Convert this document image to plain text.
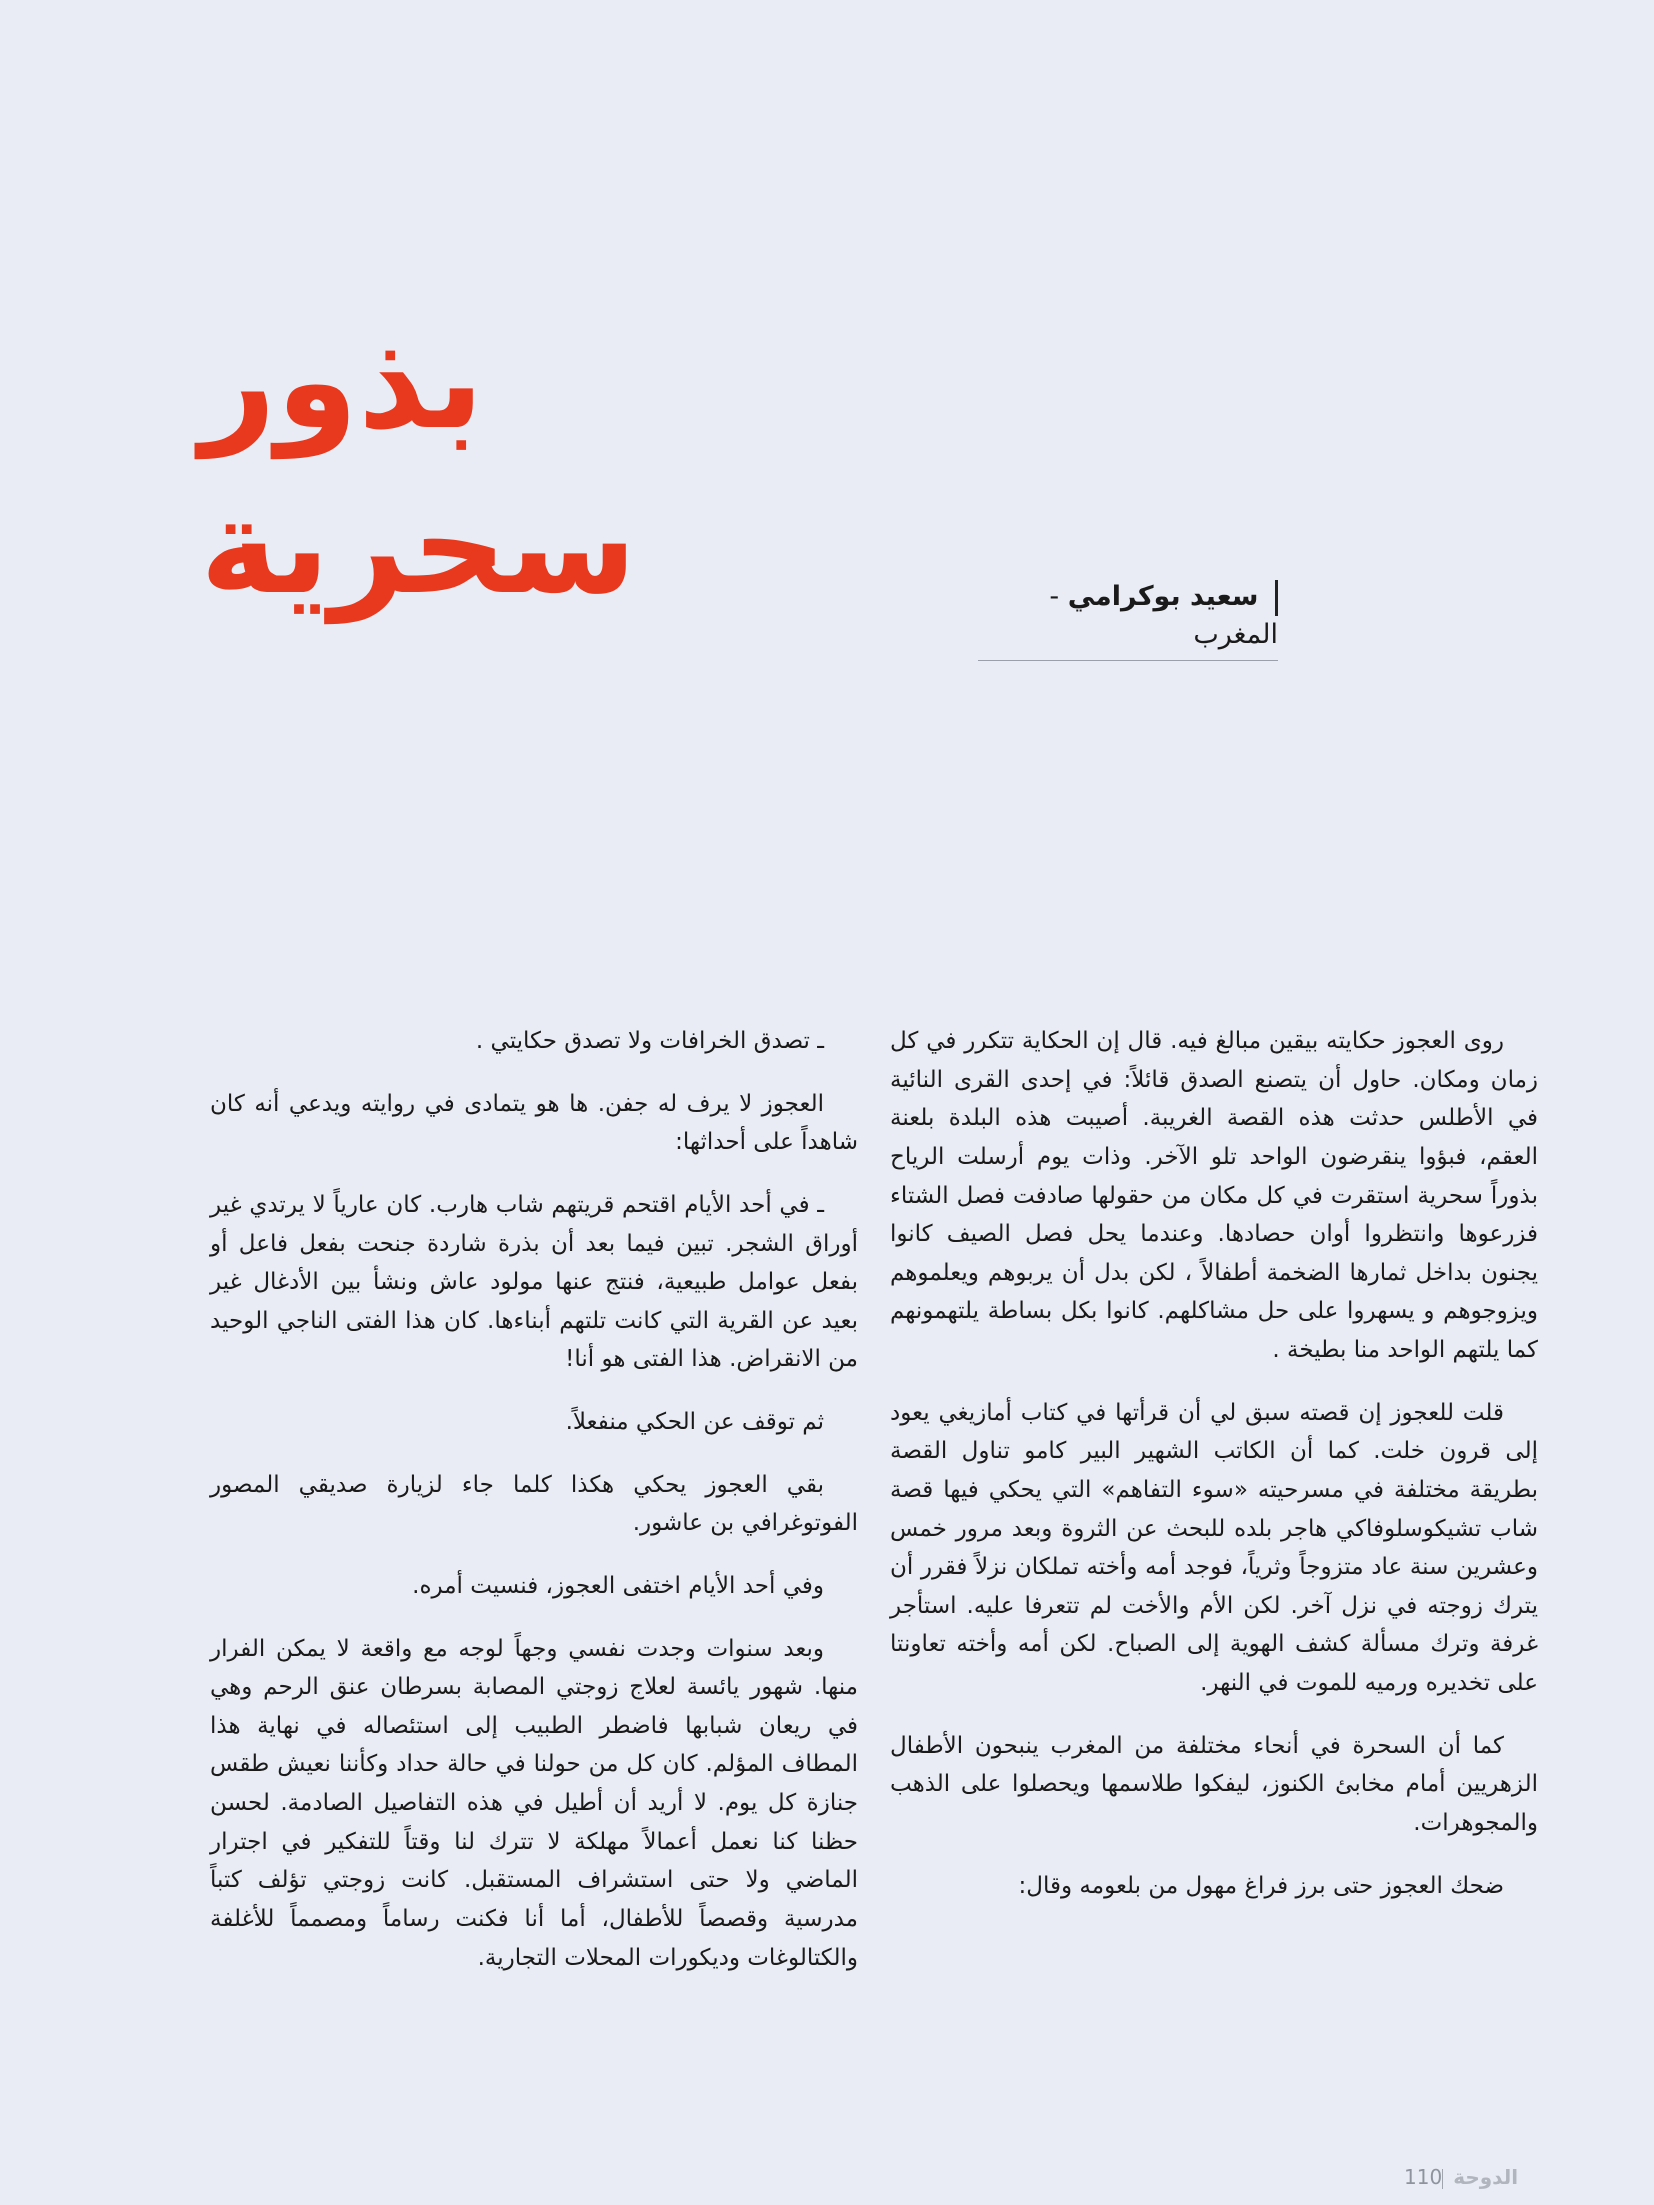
بذور سحرية	سعيد بوكرامي - المغرب

روى العجوز حكايته بيقين مبالغ فيه. قال إن الحكاية تتكرر في كل زمان ومكان. حاول أن يتصنع الصدق قائلاً: في إحدى القرى النائية في الأطلس حدثت هذه القصة الغريبة. أصيبت هذه البلدة بلعنة العقم، فبؤوا ينقرضون الواحد تلو الآخر. وذات يوم أرسلت الرياح بذوراً سحرية استقرت في كل مكان من حقولها صادفت فصل الشتاء فزرعوها وانتظروا أوان حصادها. وعندما يحل فصل الصيف كانوا يجنون بداخل ثمارها الضخمة أطفالاً ، لكن بدل أن يربوهم ويعلموهم ويزوجوهم و يسهروا على حل مشاكلهم. كانوا بكل بساطة يلتهمونهم كما يلتهم الواحد منا بطيخة .

قلت للعجوز إن قصته سبق لي أن قرأتها في كتاب أمازيغي يعود إلى قرون خلت. كما أن الكاتب الشهير البير كامو تناول القصة بطريقة مختلفة في مسرحيته «سوء التفاهم» التي يحكي فيها قصة شاب تشيكوسلوفاكي هاجر بلده للبحث عن الثروة وبعد مرور خمس وعشرين سنة عاد متزوجاً وثرياً، فوجد أمه وأخته تملكان نزلاً فقرر أن يترك زوجته في نزل آخر. لكن الأم والأخت لم تتعرفا عليه. استأجر غرفة وترك مسألة كشف الهوية إلى الصباح. لكن أمه وأخته تعاونتا على تخديره ورميه للموت في النهر.

كما أن السحرة في أنحاء مختلفة من المغرب ينبحون الأطفال الزهريين أمام مخابئ الكنوز، ليفكوا طلاسمها ويحصلوا على الذهب والمجوهرات.

ضحك العجوز حتى برز فراغ مهول من بلعومه وقال:

ـ تصدق الخرافات ولا تصدق حكايتي .

العجوز لا يرف له جفن. ها هو يتمادى في روايته ويدعي أنه كان شاهداً على أحداثها:

ـ في أحد الأيام اقتحم قريتهم شاب هارب. كان عارياً لا يرتدي غير أوراق الشجر. تبين فيما بعد أن بذرة شاردة جنحت بفعل فاعل أو بفعل عوامل طبيعية، فنتج عنها مولود عاش ونشأ بين الأدغال غير بعيد عن القرية التي كانت تلتهم أبناءها. كان هذا الفتى الناجي الوحيد من الانقراض. هذا الفتى هو أنا!

ثم توقف عن الحكي منفعلاً.

بقي العجوز يحكي هكذا كلما جاء لزيارة صديقي المصور الفوتوغرافي بن عاشور.

وفي أحد الأيام اختفى العجوز، فنسيت أمره.

وبعد سنوات وجدت نفسي وجهاً لوجه مع واقعة لا يمكن الفرار منها. شهور يائسة لعلاج زوجتي المصابة بسرطان عنق الرحم وهي في ريعان شبابها فاضطر الطبيب إلى استئصاله في نهاية هذا المطاف المؤلم. كان كل من حولنا في حالة حداد وكأننا نعيش طقس جنازة كل يوم. لا أريد أن أطيل في هذه التفاصيل الصادمة. لحسن حظنا كنا نعمل أعمالاً مهلكة لا تترك لنا وقتاً للتفكير في اجترار الماضي ولا حتى استشراف المستقبل. كانت زوجتي تؤلف كتباً مدرسية وقصصاً للأطفال، أما أنا فكنت رساماً ومصمماً للأغلفة والكتالوغات وديكورات المحلات التجارية.

الدوحة110
